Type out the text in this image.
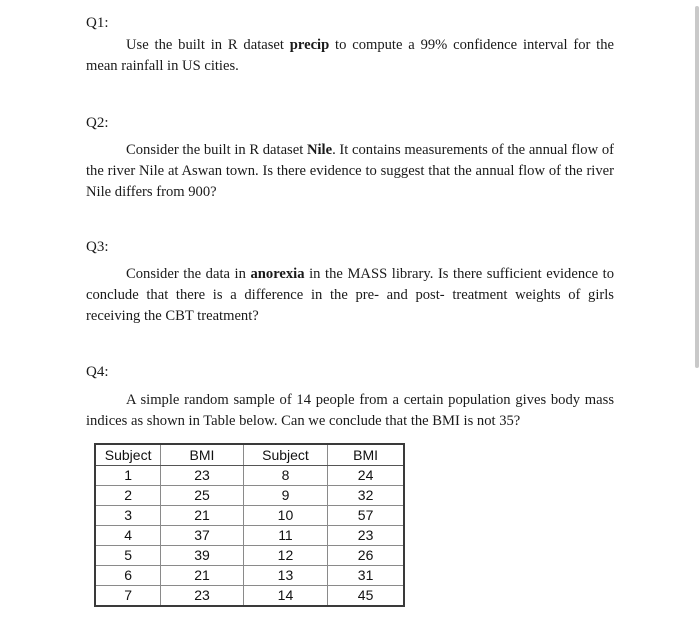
Q1:
Use the built in R dataset precip to compute a 99% confidence interval for the mean rainfall in US cities.
Q2:
Consider the built in R dataset Nile. It contains measurements of the annual flow of the river Nile at Aswan town. Is there evidence to suggest that the annual flow of the river Nile differs from 900?
Q3:
Consider the data in anorexia in the MASS library. Is there sufficient evidence to conclude that there is a difference in the pre- and post- treatment weights of girls receiving the CBT treatment?
Q4:
A simple random sample of 14 people from a certain population gives body mass indices as shown in Table below. Can we conclude that the BMI is not 35?
Subject	BMI	Subject	BMI
1	23	8	24
2	25	9	32
3	21	10	57
4	37	11	23
5	39	12	26
6	21	13	31
7	23	14	45
